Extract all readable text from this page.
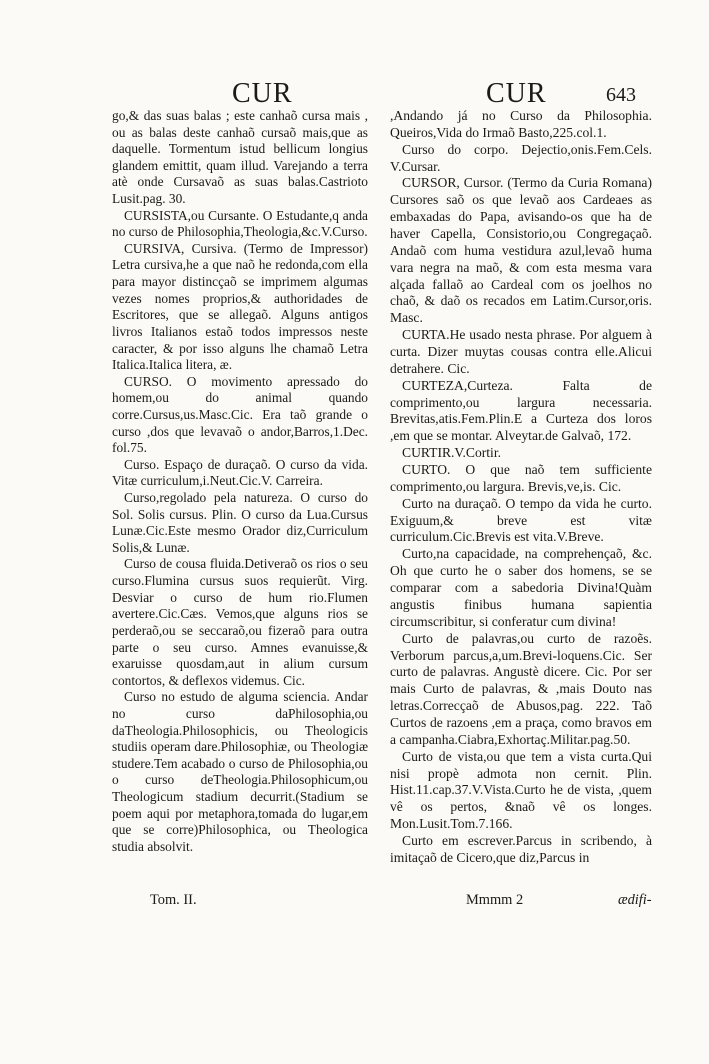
CUR	CUR	643

go,& das suas balas ; este canhaõ cursa mais , ou as balas deste canhaõ cursaõ mais,que as daquelle. Tormentum istud bellicum longius glandem emittit, quam illud. Varejando a terra atè onde Cursavaõ as suas balas.Castrioto Lusit.pag. 30.

CURSISTA,ou Cursante. O Estudante,q anda no curso de Philosophia,Theologia,&c.V.Curso.

CURSIVA, Cursiva. (Termo de Impressor) Letra cursiva,he a que naõ he redonda,com ella para mayor distincçaõ se imprimem algumas vezes nomes proprios,& authoridades de Escritores, que se allegaõ. Alguns antigos livros Italianos estaõ todos impressos neste caracter, & por isso alguns lhe chamaõ Letra Italica.Italica litera, æ.

CURSO. O movimento apressado do homem,ou do animal quando corre.Cursus,us.Masc.Cic. Era taõ grande o curso ,dos que levavaõ o andor,Barros,1.Dec. fol.75.

Curso. Espaço de duraçaõ. O curso da vida. Vitæ curriculum,i.Neut.Cic.V. Carreira.

Curso,regolado pela natureza. O curso do Sol. Solis cursus. Plin. O curso da Lua.Cursus Lunæ.Cic.Este mesmo Orador diz,Curriculum Solis,& Lunæ.

Curso de cousa fluida.Detiveraõ os rios o seu curso.Flumina cursus suos requierũt. Virg. Desviar o curso de hum rio.Flumen avertere.Cic.Cæs. Vemos,que alguns rios se perderaõ,ou se seccaraõ,ou fizeraõ para outra parte o seu curso. Amnes evanuisse,& exaruisse quosdam,aut in alium cursum contortos, & deflexos videmus. Cic.

Curso no estudo de alguma sciencia. Andar no curso daPhilosophia,ou daTheologia.Philosophicis, ou Theologicis studiis operam dare.Philosophiæ, ou Theologiæ studere.Tem acabado o curso de Philosophia,ou o curso deTheologia.Philosophicum,ou Theologicum stadium decurrit.(Stadium se poem aqui por metaphora,tomada do lugar,em que se corre)Philosophica, ou Theologica studia absolvit.

,Andando já no Curso da Philosophia. Queiros,Vida do Irmaõ Basto,225.col.1.

Curso do corpo. Dejectio,onis.Fem.Cels. V.Cursar.

CURSOR, Cursor. (Termo da Curia Romana) Cursores saõ os que levaõ aos Cardeaes as embaxadas do Papa, avisando-os que ha de haver Capella, Consistorio,ou Congregaçaõ. Andaõ com huma vestidura azul,levaõ huma vara negra na maõ, & com esta mesma vara alçada fallaõ ao Cardeal com os joelhos no chaõ, & daõ os recados em Latim.Cursor,oris. Masc.

CURTA.He usado nesta phrase. Por alguem à curta. Dizer muytas cousas contra elle.Alicui detrahere. Cic.

CURTEZA,Curteza. Falta de comprimento,ou largura necessaria. Brevitas,atis.Fem.Plin.E a Curteza dos loros ,em que se montar. Alveytar.de Galvaõ, 172.

CURTIR.V.Cortir.

CURTO. O que naõ tem sufficiente comprimento,ou largura. Brevis,ve,is. Cic.

Curto na duraçaõ. O tempo da vida he curto. Exiguum,& breve est vitæ curriculum.Cic.Brevis est vita.V.Breve.

Curto,na capacidade, na comprehençaõ, &c. Oh que curto he o saber dos homens, se se comparar com a sabedoria Divina!Quàm angustis finibus humana sapientia circumscribitur, si conferatur cum divina!

Curto de palavras,ou curto de razoẽs. Verborum parcus,a,um.Brevi-loquens.Cic. Ser curto de palavras. Angustè dicere. Cic. Por ser mais Curto de palavras, & ,mais Douto nas letras.Correcçaõ de Abusos,pag. 222. Taõ Curtos de razoens ,em a praça, como bravos em a campanha.Ciabra,Exhortaç.Militar.pag.50.

Curto de vista,ou que tem a vista curta.Qui nisi propè admota non cernit. Plin. Hist.11.cap.37.V.Vista.Curto he de vista, ,quem vê os pertos, &naõ vê os longes. Mon.Lusit.Tom.7.166.

Curto em escrever.Parcus in scribendo, à imitaçaõ de Cicero,que diz,Parcus in

Tom. II.	Mmmm 2	ædifi-
